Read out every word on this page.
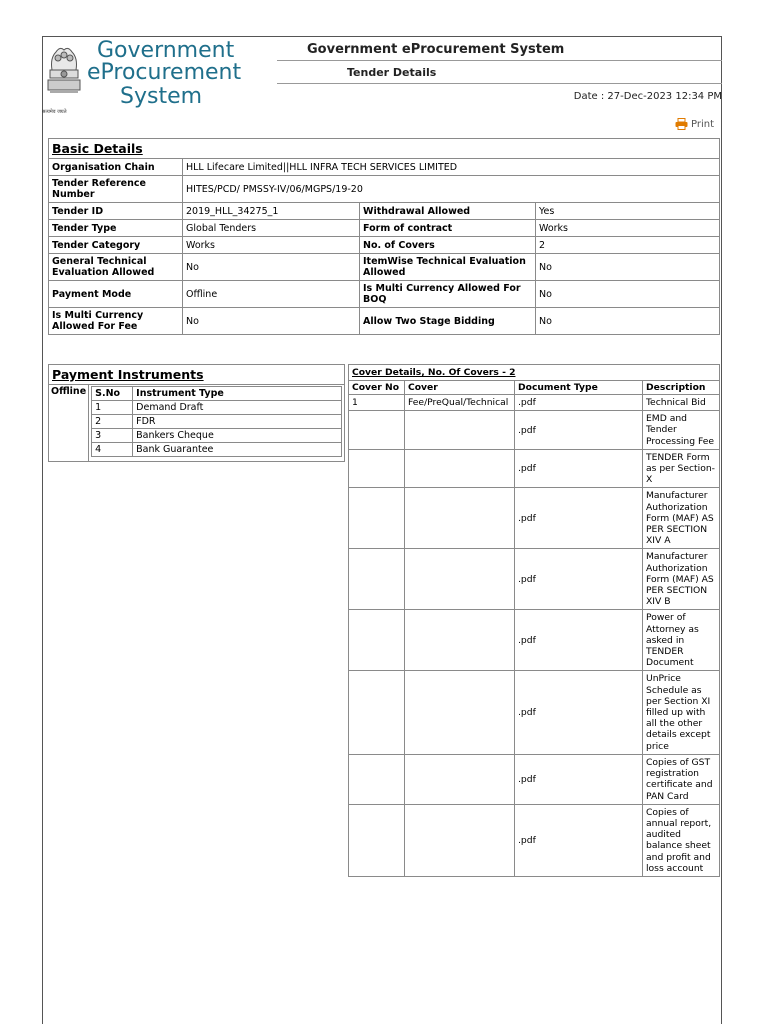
सत्यमेव जयते
Government
eProcurement
System
Government eProcurement System
Tender Details
Date : 27-Dec-2023 12:34 PM
Print
Basic Details			
Organisation Chain	HLL Lifecare Limited||HLL INFRA TECH SERVICES LIMITED		
Tender Reference Number	HITES/PCD/ PMSSY-IV/06/MGPS/19-20		
Tender ID	2019_HLL_34275_1	Withdrawal Allowed	Yes
Tender Type	Global Tenders	Form of contract	Works
Tender Category	Works	No. of Covers	2
General Technical Evaluation Allowed	No	ItemWise Technical Evaluation Allowed	No
Payment Mode	Offline	Is Multi Currency Allowed For BOQ	No
Is Multi Currency Allowed For Fee	No	Allow Two Stage Bidding	No
Payment Instruments
Offline	S.No	Instrument Type
1	Demand Draft
2	FDR
3	Bankers Cheque
4	Bank Guarantee
Cover Details, No. Of Covers - 2			
Cover No	Cover	Document Type	Description
1	Fee/PreQual/Technical	.pdf	Technical Bid
		.pdf	EMD and Tender Processing Fee
		.pdf	TENDER Form as per Section-X
		.pdf	Manufacturer Authorization Form (MAF) AS PER SECTION XIV A
		.pdf	Manufacturer Authorization Form (MAF) AS PER SECTION XIV B
		.pdf	Power of Attorney as asked in TENDER Document
		.pdf	UnPrice Schedule as per Section XI filled up with all the other details except price
		.pdf	Copies of GST registration certificate and PAN Card
		.pdf	Copies of annual report, audited balance sheet and profit and loss account
